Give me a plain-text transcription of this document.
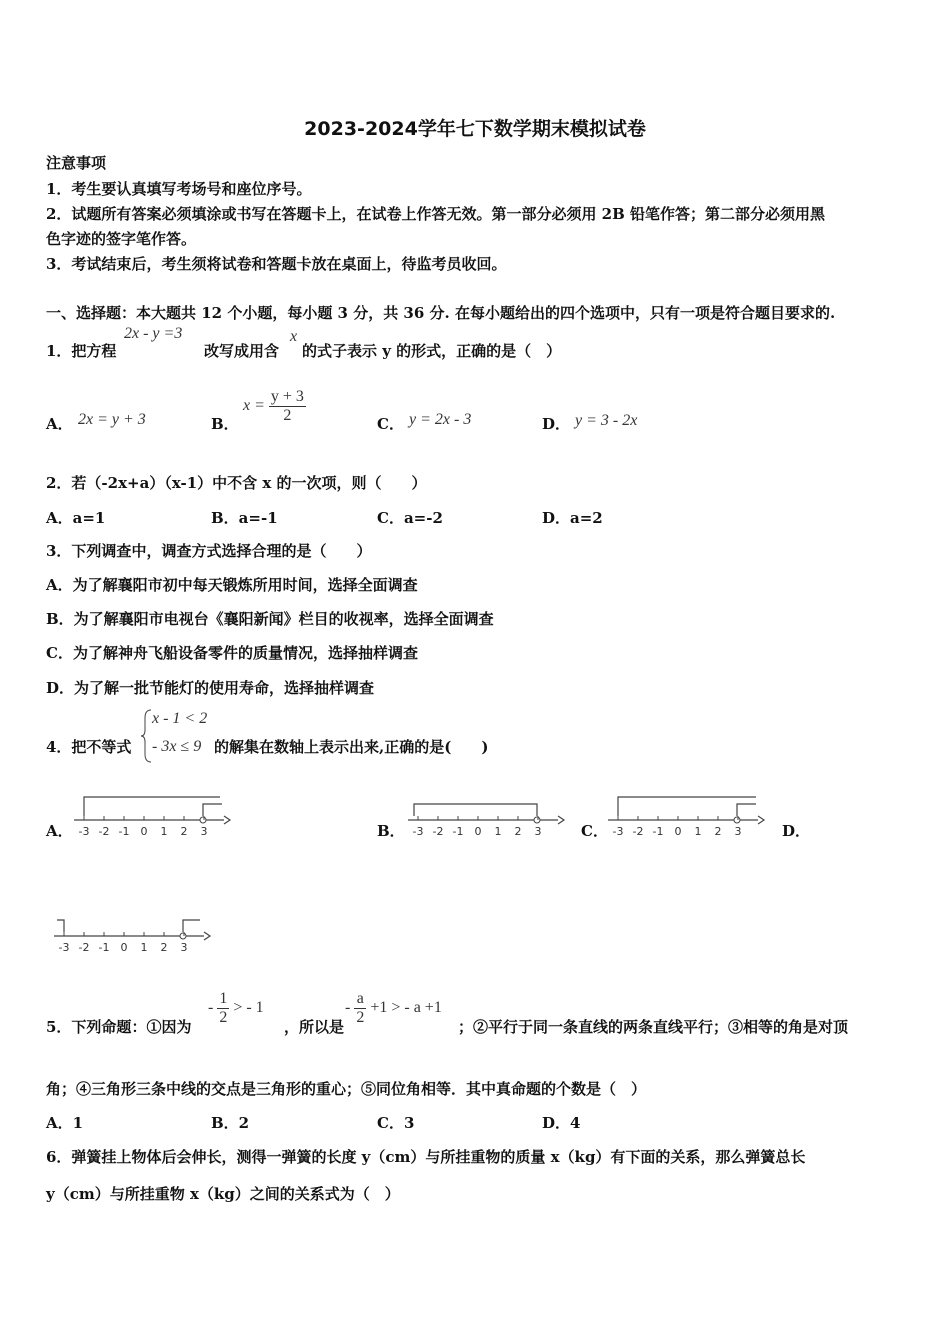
2023-2024学年七下数学期末模拟试卷
注意事项
1．考生要认真填写考场号和座位序号。
2．试题所有答案必须填涂或书写在答题卡上，在试卷上作答无效。第一部分必须用 2B 铅笔作答；第二部分必须用黑
色字迹的签字笔作答。
3．考试结束后，考生须将试卷和答题卡放在桌面上，待监考员收回。
一、选择题：本大题共 12 个小题，每小题 3 分，共 36 分. 在每小题给出的四个选项中，只有一项是符合题目要求的.
1．把方程
2x - y =3
改写成用含
x
的式子表示 y 的形式，正确的是（　）
A． 2x = y + 3	B．
$x = \frac{y + 3}{2}$	C． y = 2x - 3	D． y = 3 - 2x
2．若（-2x+a）（x-1）中不含 x 的一次项，则（　　）
A．a=1	B．a=-1	C．a=-2	D．a=2
3．下列调查中，调查方式选择合理的是（　　）
A．为了解襄阳市初中每天锻炼所用时间，选择全面调查
B．为了解襄阳市电视台《襄阳新闻》栏目的收视率，选择全面调查
C．为了解神舟飞船设备零件的质量情况，选择抽样调查
D．为了解一批节能灯的使用寿命，选择抽样调查
4．把不等式
x - 1 < 2
- 3x ≤ 9 的解集在数轴上表示出来,正确的是(　　)
A．	B．	C．	D．
-3 -2 -1 0 1 2 3	-3 -2 -1 0 1 2 3	-3 -2 -1 0 1 2 3
-3 -2 -1 0 1 2 3
5．下列命题：①因为
- $\frac{1}{2}$ > - 1
，所以是
- $\frac{a}{2} +1$ > - a +1
；②平行于同一条直线的两条直线平行；③相等的角是对顶
角；④三角形三条中线的交点是三角形的重心；⑤同位角相等．其中真命题的个数是（　）
A．1	B．2	C．3	D．4
6．弹簧挂上物体后会伸长，测得一弹簧的长度 y（cm）与所挂重物的质量 x（kg）有下面的关系，那么弹簧总长
y（cm）与所挂重物 x（kg）之间的关系式为（　）
